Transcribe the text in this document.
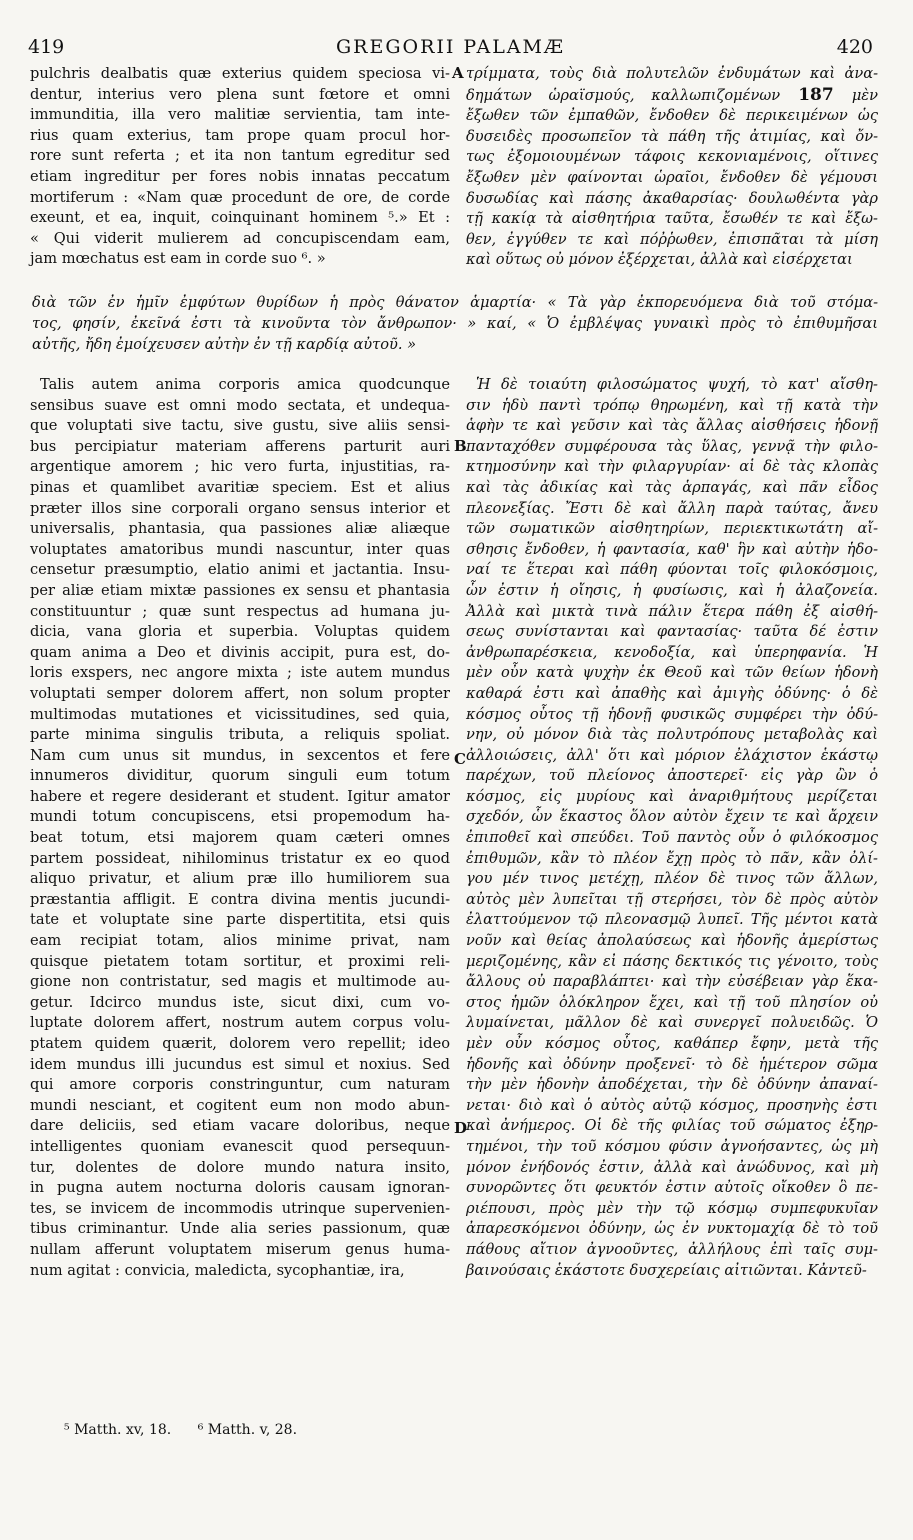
419	GREGORII PALAMÆ	420
pulchris dealbatis quæ exterius quidem speciosa vi-
dentur, interius vero plena sunt fœtore et omni
immunditia, illa vero malitiæ servientia, tam inte-
rius quam exterius, tam prope quam procul hor-
rore sunt referta ; et ita non tantum egreditur sed
etiam ingreditur per fores nobis innatas peccatum
mortiferum : «Nam quæ procedunt de ore, de corde
exeunt, et ea, inquit, coinquinant hominem ⁵.» Et :
« Qui viderit mulierem ad concupiscendam eam,
jam mœchatus est eam in corde suo ⁶. »
τρίμματα, τοὺς διὰ πολυτελῶν ἐνδυμάτων καὶ ἀνα-
δημάτων ὡραϊσμούς, καλλωπιζομένων 187 μὲν
ἔξωθεν τῶν ἐμπαθῶν, ἔνδοθεν δὲ περικειμένων ὡς
δυσειδὲς προσωπεῖον τὰ πάθη τῆς ἀτιμίας, καὶ ὄν-
τως ἐξομοιουμένων τάφοις κεκονιαμένοις, οἵτινες
ἔξωθεν μὲν φαίνονται ὡραῖοι, ἔνδοθεν δὲ γέμουσι
δυσωδίας καὶ πάσης ἀκαθαρσίας· δουλωθέντα γὰρ
τῇ κακίᾳ τὰ αἰσθητήρια ταῦτα, ἔσωθέν τε καὶ ἔξω-
θεν, ἐγγύθεν τε καὶ πόῤῥωθεν, ἐπισπᾶται τὰ μίση
καὶ οὕτως οὐ μόνον ἐξέρχεται, ἀλλὰ καὶ εἰσέρχεται
διὰ τῶν ἐν ἡμῖν ἐμφύτων θυρίδων ἡ πρὸς θάνατον ἁμαρτία· « Τὰ γὰρ ἐκπορευόμενα διὰ τοῦ στόμα-
τος, φησίν, ἐκεῖνά ἐστι τὰ κινοῦντα τὸν ἄνθρωπον· » καί, « Ὁ ἐμβλέψας γυναικὶ πρὸς τὸ ἐπιθυμῆσαι
αὐτῆς, ἤδη ἐμοίχευσεν αὐτὴν ἐν τῇ καρδίᾳ αὐτοῦ. »
Talis autem anima corporis amica quodcunque
sensibus suave est omni modo sectata, et undequa-
que voluptati sive tactu, sive gustu, sive aliis sensi-
bus percipiatur materiam afferens parturit auri
argentique amorem ; hic vero furta, injustitias, ra-
pinas et quamlibet avaritiæ speciem. Est et alius
præter illos sine corporali organo sensus interior et
universalis, phantasia, qua passiones aliæ aliæque
voluptates amatoribus mundi nascuntur, inter quas
censetur præsumptio, elatio animi et jactantia. Insu-
per aliæ etiam mixtæ passiones ex sensu et phantasia
constituuntur ; quæ sunt respectus ad humana ju-
dicia, vana gloria et superbia. Voluptas quidem
quam anima a Deo et divinis accipit, pura est, do-
loris exspers, nec angore mixta ; iste autem mundus
voluptati semper dolorem affert, non solum propter
multimodas mutationes et vicissitudines, sed quia,
parte minima singulis tributa, a reliquis spoliat.
Nam cum unus sit mundus, in sexcentos et fere
innumeros dividitur, quorum singuli eum totum
habere et regere desiderant et student. Igitur amator
mundi totum concupiscens, etsi propemodum ha-
beat totum, etsi majorem quam cæteri omnes
partem possideat, nihilominus tristatur ex eo quod
aliquo privatur, et alium præ illo humiliorem sua
præstantia affligit. E contra divina mentis jucundi-
tate et voluptate sine parte dispertitita, etsi quis
eam recipiat totam, alios minime privat, nam
quisque pietatem totam sortitur, et proximi reli-
gione non contristatur, sed magis et multimode au-
getur. Idcirco mundus iste, sicut dixi, cum vo-
luptate dolorem affert, nostrum autem corpus volu-
ptatem quidem quærit, dolorem vero repellit; ideo
idem mundus illi jucundus est simul et noxius. Sed
qui amore corporis constringuntur, cum naturam
mundi nesciant, et cogitent eum non modo abun-
dare deliciis, sed etiam vacare doloribus, neque
intelligentes quoniam evanescit quod persequun-
tur, dolentes de dolore mundo natura insito,
in pugna autem nocturna doloris causam ignoran-
tes, se invicem de incommodis utrinque supervenien-
tibus criminantur. Unde alia series passionum, quæ
nullam afferunt voluptatem miserum genus huma-
num agitat : convicia, maledicta, sycophantiæ, ira,
Ἡ δὲ τοιαύτη φιλοσώματος ψυχή, τὸ κατ' αἴσθη-
σιν ἡδὺ παντὶ τρόπῳ θηρωμένη, καὶ τῇ κατὰ τὴν
ἁφὴν τε καὶ γεῦσιν καὶ τὰς ἄλλας αἰσθήσεις ἡδονῇ
πανταχόθεν συμφέρουσα τὰς ὕλας, γεννᾷ τὴν φιλο-
κτημοσύνην καὶ τὴν φιλαργυρίαν· αἱ δὲ τὰς κλοπὰς
καὶ τὰς ἀδικίας καὶ τὰς ἁρπαγάς, καὶ πᾶν εἶδος
πλεονεξίας. Ἔστι δὲ καὶ ἄλλη παρὰ ταύτας, ἄνευ
τῶν σωματικῶν αἰσθητηρίων, περιεκτικωτάτη αἴ-
σθησις ἔνδοθεν, ἡ φαντασία, καθ' ἣν καὶ αὐτὴν ἡδο-
ναί τε ἕτεραι καὶ πάθη φύονται τοῖς φιλοκόσμοις,
ὧν ἐστιν ἡ οἴησις, ἡ φυσίωσις, καὶ ἡ ἀλαζονεία.
Ἀλλὰ καὶ μικτὰ τινὰ πάλιν ἕτερα πάθη ἐξ αἰσθή-
σεως συνίστανται καὶ φαντασίας· ταῦτα δέ ἐστιν
ἀνθρωπαρέσκεια, κενοδοξία, καὶ ὑπερηφανία. Ἡ
μὲν οὖν κατὰ ψυχὴν ἐκ Θεοῦ καὶ τῶν θείων ἡδονὴ
καθαρά ἐστι καὶ ἀπαθὴς καὶ ἀμιγὴς ὀδύνης· ὁ δὲ
κόσμος οὗτος τῇ ἡδονῇ φυσικῶς συμφέρει τὴν ὀδύ-
νην, οὐ μόνον διὰ τὰς πολυτρόπους μεταβολὰς καὶ
ἀλλοιώσεις, ἀλλ' ὅτι καὶ μόριον ἐλάχιστον ἑκάστῳ
παρέχων, τοῦ πλείονος ἀποστερεῖ· εἰς γὰρ ὢν ὁ
κόσμος, εἰς μυρίους καὶ ἀναριθμήτους μερίζεται
σχεδόν, ὧν ἕκαστος ὅλον αὐτὸν ἔχειν τε καὶ ἄρχειν
ἐπιποθεῖ καὶ σπεύδει. Τοῦ παντὸς οὖν ὁ φιλόκοσμος
ἐπιθυμῶν, κἂν τὸ πλέον ἔχῃ πρὸς τὸ πᾶν, κἂν ὀλί-
γου μέν τινος μετέχῃ, πλέον δὲ τινος τῶν ἄλλων,
αὐτὸς μὲν λυπεῖται τῇ στερήσει, τὸν δὲ πρὸς αὐτὸν
ἐλαττούμενον τῷ πλεονασμῷ λυπεῖ. Τῆς μέντοι κατὰ
νοῦν καὶ θείας ἀπολαύσεως καὶ ἡδονῆς ἀμερίστως
μεριζομένης, κἂν εἰ πάσης δεκτικός τις γένοιτο, τοὺς
ἄλλους οὐ παραβλάπτει· καὶ τὴν εὐσέβειαν γὰρ ἕκα-
στος ἡμῶν ὁλόκληρον ἔχει, καὶ τῇ τοῦ πλησίον οὐ
λυμαίνεται, μᾶλλον δὲ καὶ συνεργεῖ πολυειδῶς. Ὁ
μὲν οὖν κόσμος οὗτος, καθάπερ ἔφην, μετὰ τῆς
ἡδονῆς καὶ ὀδύνην προξενεῖ· τὸ δὲ ἡμέτερον σῶμα
τὴν μὲν ἡδονὴν ἀποδέχεται, τὴν δὲ ὀδύνην ἀπαναί-
νεται· διὸ καὶ ὁ αὐτὸς αὐτῷ κόσμος, προσηνὴς ἐστι
καὶ ἀνήμερος. Οἱ δὲ τῆς φιλίας τοῦ σώματος ἐξηρ-
τημένοι, τὴν τοῦ κόσμου φύσιν ἀγνοήσαντες, ὡς μὴ
μόνον ἐνήδονός ἐστιν, ἀλλὰ καὶ ἀνώδυνος, καὶ μὴ
συνορῶντες ὅτι φευκτόν ἐστιν αὐτοῖς οἴκοθεν ὃ πε-
ριέπουσι, πρὸς μὲν τὴν τῷ κόσμῳ συμπεφυκυῖαν
ἀπαρεσκόμενοι ὀδύνην, ὡς ἐν νυκτομαχίᾳ δὲ τὸ τοῦ
πάθους αἴτιον ἀγνοοῦντες, ἀλλήλους ἐπὶ ταῖς συμ-
βαινούσαις ἑκάστοτε δυσχερείαις αἰτιῶνται. Κἀντεῦ-
A
B
C
D
⁵ Matth. xv, 18. ⁶ Matth. v, 28.
